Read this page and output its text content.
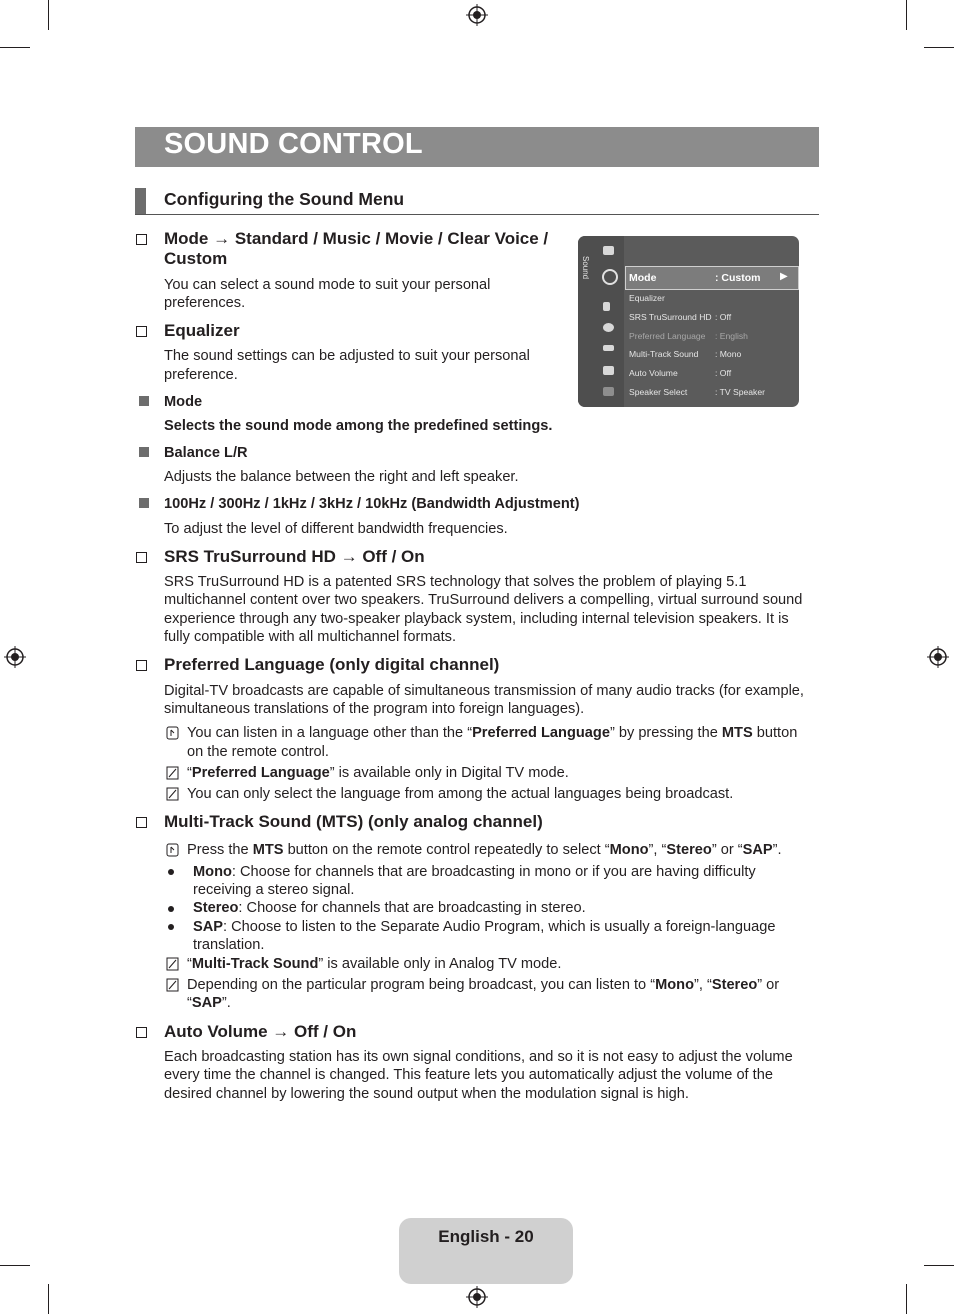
SOUND CONTROL
Configuring the Sound Menu
Mode → Standard / Music / Movie / Clear Voice /
Custom
You can select a sound mode to suit your personal
preferences.
Equalizer
The sound settings can be adjusted to suit your personal
preference.
Mode
Selects the sound mode among the predefined settings.
Balance L/R
Adjusts the balance between the right and left speaker.
100Hz / 300Hz / 1kHz / 3kHz / 10kHz (Bandwidth Adjustment)
To adjust the level of different bandwidth frequencies.
Sound	Mode	: Custom ▶
Equalizer
SRS TruSurround HD : Off
Preferred Language : English
Multi-Track Sound : Mono
Auto Volume	: Off
Speaker Select	: TV Speaker
SRS TruSurround HD → Off / On
SRS TruSurround HD is a patented SRS technology that solves the problem of playing 5.1
multichannel content over two speakers. TruSurround delivers a compelling, virtual surround sound
experience through any two-speaker playback system, including internal television speakers. It is
fully compatible with all multichannel formats.
Preferred Language (only digital channel)
Digital-TV broadcasts are capable of simultaneous transmission of many audio tracks (for example,
simultaneous translations of the program into foreign languages).
You can listen in a language other than the “Preferred Language” by pressing the MTS button
on the remote control.
“Preferred Language” is available only in Digital TV mode.
You can only select the language from among the actual languages being broadcast.
Multi-Track Sound (MTS) (only analog channel)
Press the MTS button on the remote control repeatedly to select “Mono”, “Stereo” or “SAP”.
Mono: Choose for channels that are broadcasting in mono or if you are having difficulty
receiving a stereo signal.
Stereo: Choose for channels that are broadcasting in stereo.
SAP: Choose to listen to the Separate Audio Program, which is usually a foreign-language
translation.
“Multi-Track Sound” is available only in Analog TV mode.
Depending on the particular program being broadcast, you can listen to “Mono”, “Stereo” or
“SAP”.
Auto Volume → Off / On
Each broadcasting station has its own signal conditions, and so it is not easy to adjust the volume
every time the channel is changed. This feature lets you automatically adjust the volume of the
desired channel by lowering the sound output when the modulation signal is high.
English - 20
